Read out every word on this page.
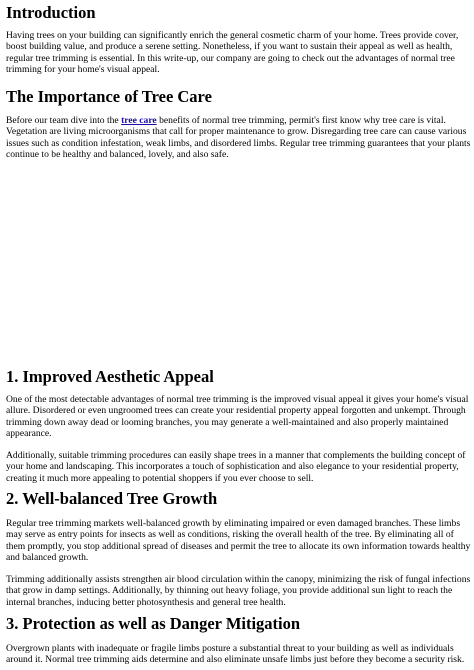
Introduction

Having trees on your building can significantly enrich the general cosmetic charm of your home. Trees provide cover, boost building value, and produce a serene setting. Nonetheless, if you want to sustain their appeal as well as health, regular tree trimming is essential. In this write-up, our company are going to check out the advantages of normal tree trimming for your home's visual appeal.

The Importance of Tree Care

Before our team dive into the tree care benefits of normal tree trimming, permit's first know why tree care is vital. Vegetation are living microorganisms that call for proper maintenance to grow. Disregarding tree care can cause various issues such as condition infestation, weak limbs, and disordered limbs. Regular tree trimming guarantees that your plants continue to be healthy and balanced, lovely, and also safe.

1. Improved Aesthetic Appeal

One of the most detectable advantages of normal tree trimming is the improved visual appeal it gives your home's visual allure. Disordered or even ungroomed trees can create your residential property appeal forgotten and unkempt. Through trimming down away dead or looming branches, you may generate a well-maintained and also properly maintained appearance.

Additionally, suitable trimming procedures can easily shape trees in a manner that complements the building concept of your home and landscaping. This incorporates a touch of sophistication and also elegance to your residential property, creating it much more appealing to potential shoppers if you ever choose to sell.

2. Well-balanced Tree Growth

Regular tree trimming markets well-balanced growth by eliminating impaired or even damaged branches. These limbs may serve as entry points for insects as well as conditions, risking the overall health of the tree. By eliminating all of them promptly, you stop additional spread of diseases and permit the tree to allocate its own information towards healthy and balanced growth.

Trimming additionally assists strengthen air blood circulation within the canopy, minimizing the risk of fungal infections that grow in damp settings. Additionally, by thinning out heavy foliage, you provide additional sun light to reach the internal branches, inducing better photosynthesis and general tree health.

3. Protection as well as Danger Mitigation

Overgrown plants with inadequate or fragile limbs posture a substantial threat to your building as well as individuals around it. Normal tree trimming aids determine and also eliminate unsafe limbs just before they become a security risk.
